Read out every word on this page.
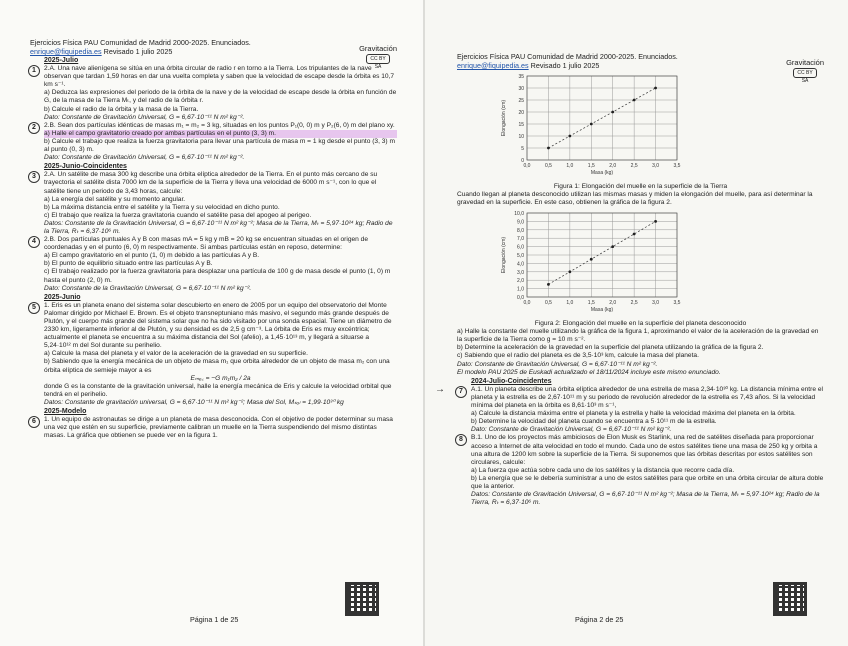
Ejercicios Física PAU Comunidad de Madrid 2000-2025. Enunciados.
enrique@fiquipedia.es Revisado 1 julio 2025	Gravitación
CC BY SA
2025-Julio
1	2.A. Una nave alienígena se sitúa en una órbita circular de radio r en torno a la Tierra. Los tripulantes de la nave observan que tardan 1,59 horas en dar una vuelta completa y saben que la velocidad de escape desde la órbita es 10,7 km s⁻¹.

a) Deduzca las expresiones del periodo de la órbita de la nave y de la velocidad de escape desde la órbita en función de G, de la masa de la Tierra Mₜ, y del radio de la órbita r.

b) Calcule el radio de la órbita y la masa de la Tierra.

Dato: Constante de Gravitación Universal, G = 6,67·10⁻¹¹ N m² kg⁻².

2	2.B. Sean dos partículas idénticas de masas m₁ = m₂ = 3 kg, situadas en los puntos P₁(0, 0) m y P₂(6, 0) m del plano xy.

a) Halle el campo gravitatorio creado por ambas partículas en el punto (3, 3) m.

b) Calcule el trabajo que realiza la fuerza gravitatoria para llevar una partícula de masa m = 1 kg desde el punto (3, 3) m al punto (0, 3) m.

Dato: Constante de Gravitación Universal, G = 6,67·10⁻¹¹ N m² kg⁻².

2025-Junio-Coincidentes
3	2.A. Un satélite de masa 300 kg describe una órbita elíptica alrededor de la Tierra. En el punto más cercano de su trayectoria el satélite dista 7000 km de la superficie de la Tierra y lleva una velocidad de 6000 m s⁻¹, con lo que el satélite tiene un periodo de 3,43 horas, calcule:

a) La energía del satélite y su momento angular.

b) La máxima distancia entre el satélite y la Tierra y su velocidad en dicho punto.

c) El trabajo que realiza la fuerza gravitatoria cuando el satélite pasa del apogeo al perigeo.

Datos: Constante de la Gravitación Universal, G = 6,67·10⁻¹¹ N m² kg⁻²; Masa de la Tierra, Mₜ = 5,97·10²⁴ kg; Radio de la Tierra, Rₜ = 6,37·10⁶ m.

4	2.B. Dos partículas puntuales A y B con masas mA = 5 kg y mB = 20 kg se encuentran situadas en el origen de coordenadas y en el punto (6, 0) m respectivamente. Si ambas partículas están en reposo, determine:

a) El campo gravitatorio en el punto (1, 0) m debido a las partículas A y B.

b) El punto de equilibrio situado entre las partículas A y B.

c) El trabajo realizado por la fuerza gravitatoria para desplazar una partícula de 100 g de masa desde el punto (1, 0) m hasta el punto (2, 0) m.

Dato: Constante de la Gravitación Universal, G = 6,67·10⁻¹¹ N m² kg⁻².

2025-Junio
5	1. Eris es un planeta enano del sistema solar descubierto en enero de 2005 por un equipo del observatorio del Monte Palomar dirigido por Michael E. Brown. Es el objeto transneptuniano más masivo, el segundo más grande después de Plutón, y el cuerpo más grande del sistema solar que no ha sido visitado por una sonda espacial. Tiene un diámetro de 2330 km, ligeramente inferior al de Plutón, y su densidad es de 2,5 g cm⁻³. La órbita de Eris es muy excéntrica; actualmente el planeta se encuentra a su máxima distancia del Sol (afelio), a 1,45·10¹³ m, y llegará a situarse a 5,24·10¹² m del Sol durante su perihelio.

a) Calcule la masa del planeta y el valor de la aceleración de la gravedad en su superficie.

b) Sabiendo que la energía mecánica de un objeto de masa m₁ que orbita alrededor de un objeto de masa m₂ con una órbita elíptica de semieje mayor a es

Eₘₑ꜀ = −G m₁m₂ / 2a

donde G es la constante de la gravitación universal, halle la energía mecánica de Eris y calcule la velocidad orbital que tendrá en el perihelio.

Datos: Constante de gravitación universal, G = 6,67·10⁻¹¹ N m² kg⁻²; Masa del Sol, Mₛₒₗ = 1,99·10³⁰ kg

2025-Modelo
6	1. Un equipo de astronautas se dirige a un planeta de masa desconocida. Con el objetivo de poder determinar su masa una vez que estén en su superficie, previamente calibran un muelle en la Tierra suspendiendo del mismo distintas masas. La gráfica que obtienen se puede ver en la figura 1.

Página 1 de 25
Ejercicios Física PAU Comunidad de Madrid 2000-2025. Enunciados.
enrique@fiquipedia.es Revisado 1 julio 2025	Gravitación
CC BY SA
0
5
10
15
20
25
30
35
0,0	0,5	1,0	1,5	2,0	2,5	3,0	3,5
Masa (kg)
Elongación (cm)
Figura 1: Elongación del muelle en la superficie de la Tierra
Cuando llegan al planeta desconocido utilizan las mismas masas y miden la elongación del muelle, para así determinar la gravedad en la superficie. En este caso, obtienen la gráfica de la figura 2.
0,0
1,0
2,0
3,0
4,0
5,0
6,0
7,0
8,0
9,0
10,0
0,0	0,5	1,0	1,5	2,0	2,5	3,0	3,5
Masa (kg)
Elongación (cm)
Figura 2: Elongación del muelle en la superficie del planeta desconocido

a) Halle la constante del muelle utilizando la gráfica de la figura 1, aproximando el valor de la aceleración de la gravedad en la superficie de la Tierra como g = 10 m s⁻².

b) Determine la aceleración de la gravedad en la superficie del planeta utilizando la gráfica de la figura 2.

c) Sabiendo que el radio del planeta es de 3,5·10³ km, calcule la masa del planeta.

Dato: Constante de Gravitación Universal, G = 6,67·10⁻¹¹ N m² kg⁻².

El modelo PAU 2025 de Euskadi actualizado el 18/11/2024 incluye este mismo enunciado.

2024-Julio-Coincidentes
→	7	A.1. Un planeta describe una órbita elíptica alrededor de una estrella de masa 2,34·10³⁰ kg. La distancia mínima entre el planeta y la estrella es de 2,67·10¹¹ m y su periodo de revolución alrededor de la estrella es 7,43 años. Si la velocidad mínima del planeta en la órbita es 8,61·10³ m s⁻¹,

a) Calcule la distancia máxima entre el planeta y la estrella y halle la velocidad máxima del planeta en la órbita.

b) Determine la velocidad del planeta cuando se encuentra a 5·10¹¹ m de la estrella.

Dato: Constante de Gravitación Universal, G = 6,67·10⁻¹¹ N m² kg⁻².

8	B.1. Uno de los proyectos más ambiciosos de Elon Musk es Starlink, una red de satélites diseñada para proporcionar acceso a Internet de alta velocidad en todo el mundo. Cada uno de estos satélites tiene una masa de 250 kg y orbita a una altura de 1200 km sobre la superficie de la Tierra. Si suponemos que las órbitas descritas por estos satélites son circulares, calcule:

a) La fuerza que actúa sobre cada uno de los satélites y la distancia que recorre cada día.

b) La energía que se le debería suministrar a uno de estos satélites para que orbite en una órbita circular de altura doble que la anterior.

Datos: Constante de Gravitación Universal, G = 6,67·10⁻¹¹ N m² kg⁻²; Masa de la Tierra, Mₜ = 5,97·10²⁴ kg; Radio de la Tierra, Rₜ = 6,37·10⁶ m.

Página 2 de 25
